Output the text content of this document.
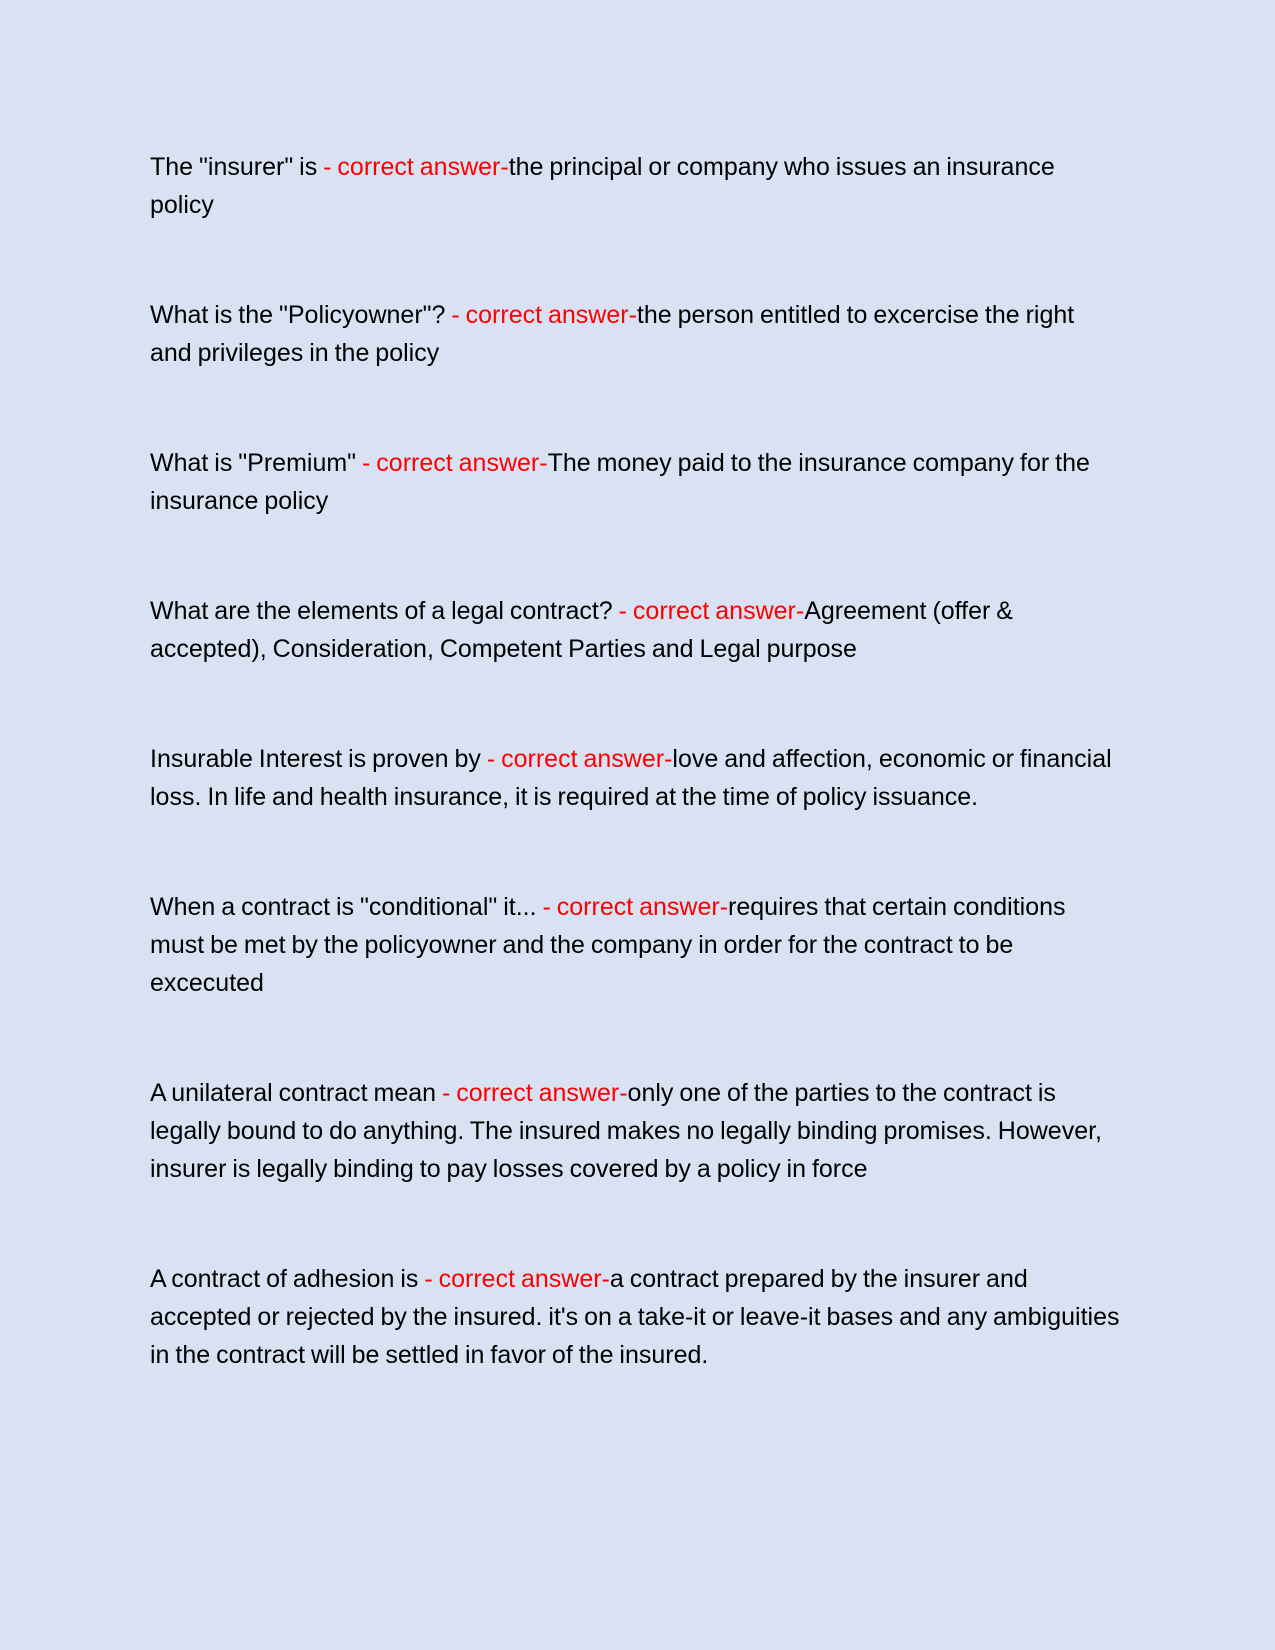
The "insurer" is - correct answer-the principal or company who issues an insurance policy

What is the "Policyowner"? - correct answer-the person entitled to excercise the right and privileges in the policy

What is "Premium" - correct answer-The money paid to the insurance company for the insurance policy

What are the elements of a legal contract? - correct answer-Agreement (offer & accepted), Consideration, Competent Parties and Legal purpose

Insurable Interest is proven by - correct answer-love and affection, economic or financial loss. In life and health insurance, it is required at the time of policy issuance.

When a contract is "conditional" it... - correct answer-requires that certain conditions must be met by the policyowner and the company in order for the contract to be excecuted

A unilateral contract mean - correct answer-only one of the parties to the contract is legally bound to do anything. The insured makes no legally binding promises. However, insurer is legally binding to pay losses covered by a policy in force

A contract of adhesion is - correct answer-a contract prepared by the insurer and accepted or rejected by the insured. it's on a take-it or leave-it bases and any ambiguities in the contract will be settled in favor of the insured.
